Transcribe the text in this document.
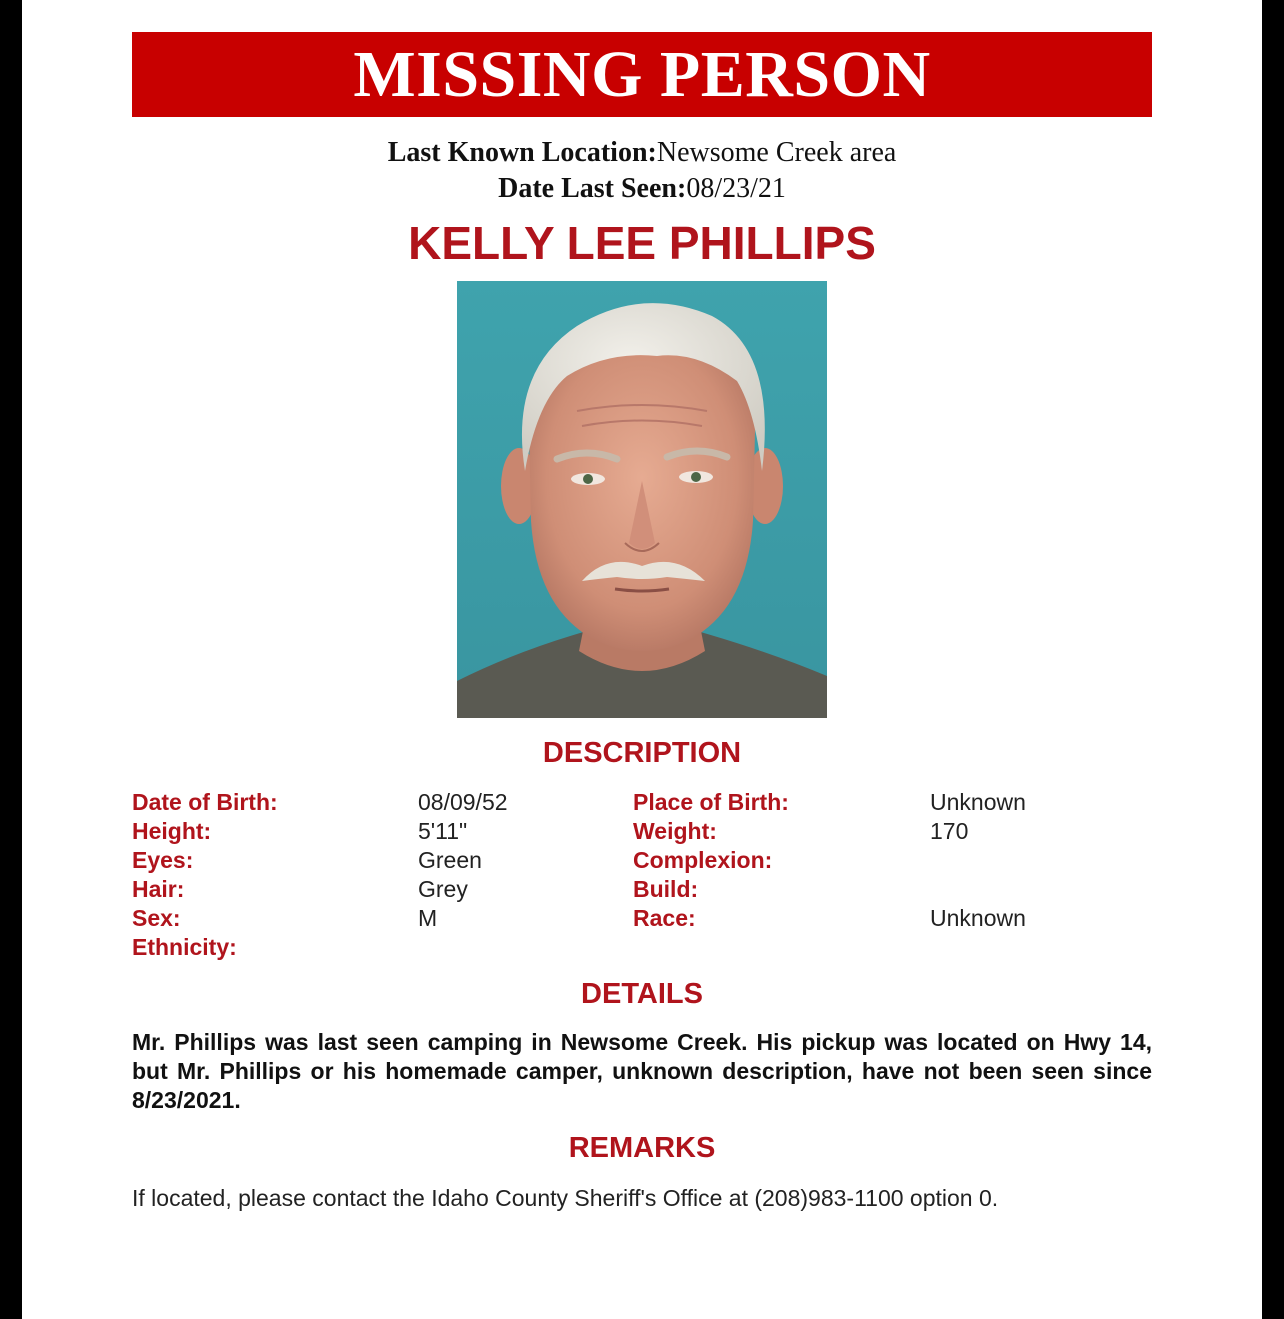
MISSING PERSON
Last Known Location:Newsome Creek area
Date Last Seen:08/23/21
KELLY LEE PHILLIPS
DESCRIPTION
Date of Birth:	08/09/52	Place of Birth:	Unknown
Height:	5'11"	Weight:	170
Eyes:	Green	Complexion:
Hair:	Grey	Build:
Sex:	M	Race:	Unknown
Ethnicity:
DETAILS
Mr. Phillips was last seen camping in Newsome Creek. His pickup was located on Hwy 14, but Mr. Phillips or his homemade camper, unknown description, have not been seen since 8/23/2021.
REMARKS
If located, please contact the Idaho County Sheriff's Office at (208)983-1100 option 0.
